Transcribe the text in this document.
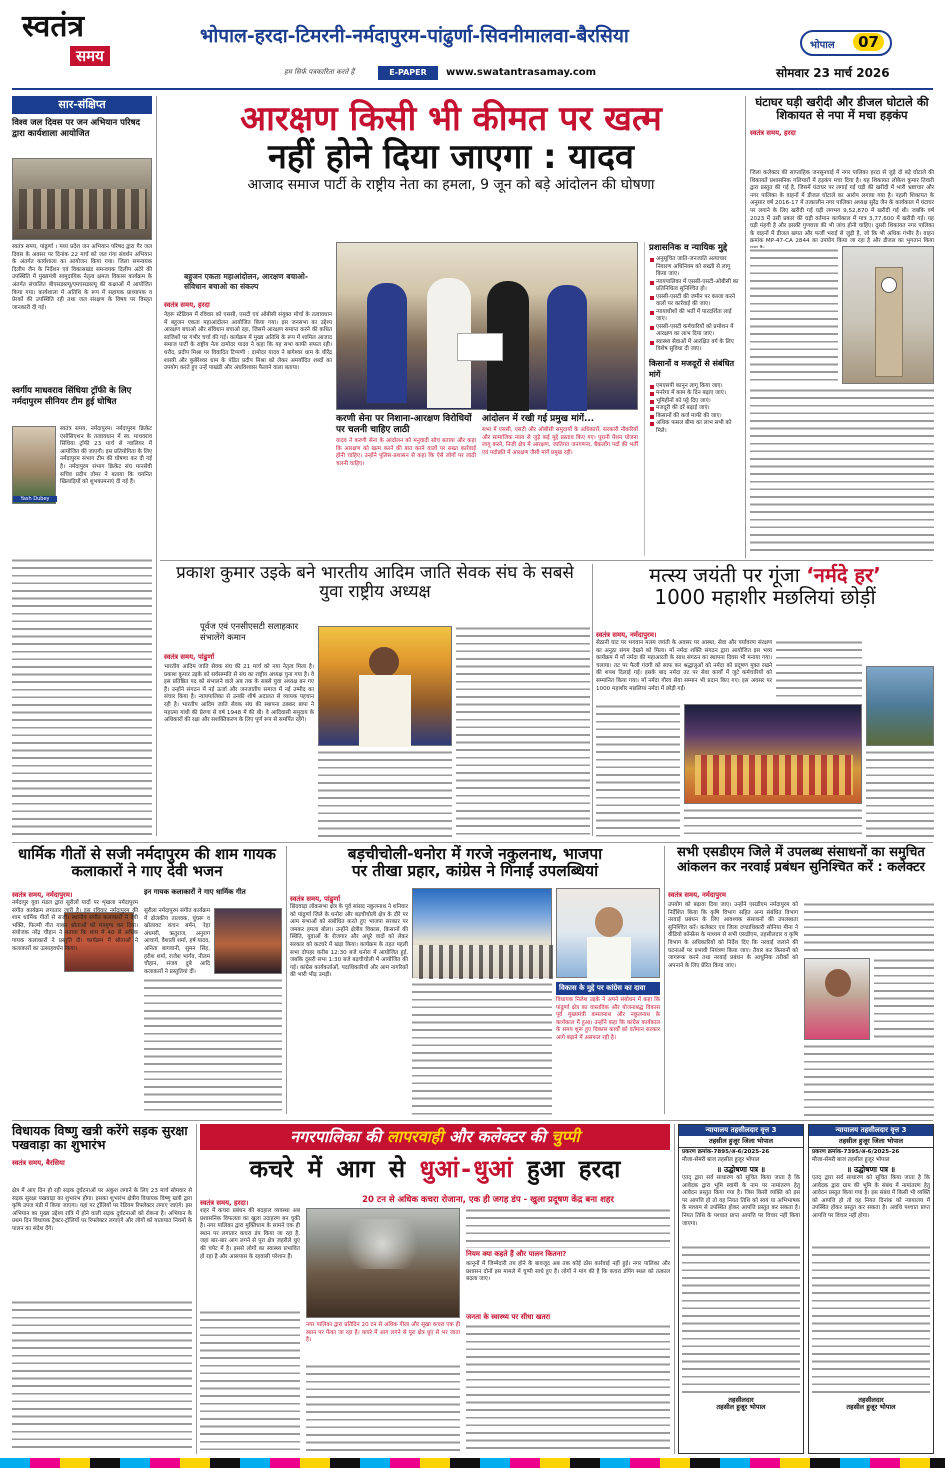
स्वतंत्र
समय
हम सिर्फ पत्रकारिता करते हैं
भोपाल-हरदा-टिमरनी-नर्मदापुरम-पांढुर्णा-सिवनीमालवा-बैरसिया	भोपाल	07
E-PAPER	www.swatantrasamay.com	सोमवार 23 मार्च 2026
सार-संक्षिप्त
विश्व जल दिवस पर जन अभियान परिषद द्वारा कार्यशाला आयोजित
स्वतंत्र समय, पांढुर्णा । मध्य प्रदेश जन अभियान परिषद द्वारा गैर जल दिवस के अवसर पर दिनांक 22 मार्च को जल गंगा संवर्धन अभियान के अंतर्गत कार्यशाला का आयोजन किया गया। जिला समन्वयक दिलीप जैन के निर्देशन एवं विकासखंड समन्वयक दिलीप अटेरे की उपस्थिति में मुख्यमंत्री सामुदायिक नेतृत्व क्षमता विकास कार्यक्रम के अंतर्गत संचालित बीएसडब्ल्यू/एमएसडब्ल्यू की कक्षाओं में आयोजित किया गया। कार्यशाला में अतिथि के रूप में सहायक प्राध्यापक व प्रेरकों की उपस्थिति रही तथा जल संरक्षण के विषय पर विस्तृत जानकारी दी गई।
स्वर्गीय माधवराव सिंधिया ट्रॉफी के लिए नर्मदापुरम सीनियर टीम हुई घोषित
Yash Dubey
स्वतंत्र समय, नर्मदापुरम। नर्मदापुरम क्रिकेट एसोसिएशन के तत्वावधान में स्व. माधवराव सिंधिया ट्रॉफी 23 मार्च से ग्वालियर में आयोजित की जाएगी। इस प्रतियोगिता के लिए नर्मदापुरम संभाग टीम की घोषणा कर दी गई है। नर्मदापुरम संभाग क्रिकेट संघ मानसेवी सचिव प्रदीप तोमर ने बताया कि चयनित खिलाड़ियों को शुभकामनाएं दी गई हैं।
आरक्षण किसी भी कीमत पर खत्म
नहीं होने दिया जाएगा : यादव
आजाद समाज पार्टी के राष्ट्रीय नेता का हमला, 9 जून को बड़े आंदोलन की घोषणा
बहुजन एकता महाआंदोलन, आरक्षण बचाओ-संविधान बचाओ का संकल्प
स्वतंत्र समय, हरदा
नेहरू स्टेडियम में रविवार को एससी, एसटी एवं ओबीसी संयुक्त मोर्चा के तत्वावधान में बहुजन एकता महाआंदोलन आयोजित किया गया। इस जनसभा का उद्देश्य आरक्षण बचाओ और संविधान बचाओ रहा, जिसमें आरक्षण समाप्त करने की कथित साजिशों पर गंभीर चर्चा की गई। कार्यक्रम में मुख्य अतिथि के रूप में शामिल आजाद समाज पार्टी के राष्ट्रीय नेता दामोदर यादव ने कहा कि यह सभा काफी सफल रही। धरौद, प्रदीप मिश्रा पर विवादित टिप्पणी : दामोदर यादव ने बागेश्वर धाम के धीरेंद्र शास्त्री और कुबेरेश्वर धाम के पंडित प्रदीप मिश्रा को लेकर अमर्यादित शब्दों का उपयोग करते हुए उन्हें पाखंडी और अंधविश्वास फैलाने वाला बताया।
करणी सेना पर निशाना-आरक्षण विरोधियों पर चलनी चाहिए लाठी
यादव ने करणी सेना के आंदोलन को मनुवादी सोच बताया और कहा कि आरक्षण को खत्म करने की बात करने वालों पर सख्त कार्रवाई होनी चाहिए। उन्होंने पुलिस-प्रशासन से कहा कि ऐसे लोगों पर लाठी चलनी चाहिए।
आंदोलन में रखी गई प्रमुख मांगें...
सभा में एससी, एसटी और ओबीसी समुदायों के अधिकारों, सरकारी नौकरियों और सामाजिक न्याय से जुड़े कई मुद्दे प्रस्ताव किए गए। पुरानी पेंशन योजना लागू करने, निजी क्षेत्र में आरक्षण, जातिगत जनगणना, बैकलॉग पदों की भर्ती एवं पदोन्नति में आरक्षण जैसी मांगें प्रमुख रहीं।
प्रशासनिक व न्यायिक मुद्दे
अनुसूचित जाति-जनजाति अत्याचार निवारण अधिनियम को सख्ती से लागू किया जाए।
न्यायपालिका में एससी-एसटी-ओबीसी का प्रतिनिधित्व सुनिश्चित हो।
एससी-एसटी की जमीन पर कब्जा करने वालों पर कार्रवाई की जाए।
न्यायाधीशों की भर्ती में पारदर्शिता लाई जाए।
एससी-एसटी कर्मचारियों को प्रमोशन में आरक्षण का लाभ दिया जाए।
स्वास्थ्य सेवाओं में आरक्षित वर्ग के लिए विशेष सुविधा दी जाए।
किसानों व मजदूरों से संबंधित मांगें
एमएसपी कानून लागू किया जाए।
मनरेगा में काम के दिन बढ़ाए जाएं।
भूमिहीनों को पट्टे दिए जाएं।
मजदूरी की दरें बढ़ाई जाएं।
किसानों की कर्ज माफी की जाए।
अधिक फसल बीमा का लाभ सभी को मिले।
घंटाघर घड़ी खरीदी और डीजल घोटाले की शिकायत से नपा में मचा हड़कंप
स्वतंत्र समय, हरदा
जिला कलेक्टर की साप्ताहिक जनसुनवाई में नगर पालिका हरदा से जुड़े दो बड़े घोटाले की शिकायतें प्रशासनिक गलियारों में हड़कंप मचा दिया है। यह शिकायत लोकेश कुमार तिवारी द्वारा प्रस्तुत की गई है, जिसमें घंटाघर पर लगाई गई घड़ी की खरीदी में भारी भ्रष्टाचार और नगर पालिका के वाहनों में डीजल घोटाले का आरोप लगाया गया है। पहली शिकायत के अनुसार वर्ष 2016-17 में तत्कालीन नगर पालिका अध्यक्ष सुरेंद्र जैन के कार्यकाल में घंटाघर पर लगाने के लिए खरीदी गई घड़ी लगभग 9,52,870 में खरीदी गई थी। जबकि वर्ष 2023 में उसी प्रकार की घड़ी वर्तमान कार्यकाल में मात्र 3,77,600 में खरीदी गई। यह घड़ी मंहगी है और इसकी गुणवत्ता की भी जांच होनी चाहिए। दूसरी शिकायत नगर पालिका के वाहनों में डीजल खपत और फर्जी भराई से जुड़ी है, जो कि भी अधिक गंभीर है। वाहन क्रमांक MP-47-CA 2844 का उपयोग किया जा रहा है और डीजल का भुगतान किया
प्रकाश कुमार उइके बने भारतीय आदिम जाति सेवक संघ के सबसे युवा राष्ट्रीय अध्यक्ष
पूर्वज एवं एनसीएसटी सलाहकार संभालेंगे कमान
स्वतंत्र समय, पांढुर्णा
भारतीय आदिम जाति सेवक संघ की 21 मार्च को नया नेतृत्व मिला है। प्रकाश कुमार उइके को सर्वसम्मति से संघ का राष्ट्रीय अध्यक्ष चुना गया है। वे इस प्रतिष्ठित पद को संभालने वाले अब तक के सबसे युवा अध्यक्ष बन गए हैं। उन्होंने संगठन में नई ऊर्जा और जनजातीय समाज में नई उम्मीद का संचार किया है। न्यायपालिका से उनकी शीर्ष अदालत से व्यापक पहचान रही है। भारतीय आदिम जाति सेवक संघ की स्थापना ठक्कर बापा ने महात्मा गांधी की प्रेरणा से वर्ष 1948 में की थी। वे आदिवासी समुदाय के अधिकारों की रक्षा और सशक्तिकरण के लिए पूर्ण रूप से समर्पित रहेंगे।
मत्स्य जयंती पर गूंजा ‘नर्मदे हर’
1000 महाशीर मछलियां छोड़ीं
स्वतंत्र समय, नर्मदापुरम।
सेठानी घाट पर भगवान मत्स्य जयंती के अवसर पर आस्था, सेवा और पर्यावरण संरक्षण का अनूठा संगम देखने को मिला। माँ नर्मदा शक्ति संगठन द्वारा आयोजित इस भव्य कार्यक्रम में माँ नर्मदा की महाआरती के साथ संगठन का स्थापना दिवस भी मनाया गया। चलाया। तट पर फैली गंदगी को साफ कर श्रद्धालुओं को नर्मदा को प्रदूषण मुक्त रखने की शपथ दिलाई गई। इसके बाद नर्मदा तट पर सेवा कार्यों में जुटे कर्मचारियों को सम्मानित किया गया। माँ नर्मदा गौरव सेवा सम्मान भी प्रदान किए गए। इस अवसर पर 1000 महाशीर मछलियां नर्मदा में छोड़ी गईं।
धार्मिक गीतों से सजी नर्मदापुरम की शाम गायक कलाकारों ने गाए देवी भजन
स्वतंत्र समय, नर्मदापुरम।
नर्मदापुर युवा मंडल द्वारा सुरीलों यादों पर शृंखला नर्मदापुरम संगीत कार्यक्रम लगातार जारी है। इस रविवार नर्मदापुरम की शाम धार्मिक गीतों से सजी। स्थानीय संगीत कलाकारों ने देवी भक्ति, फिल्मी गीत गाकर श्रोताओं को मंत्रमुग्ध कर दिया। संयोजक नरेंद्र चौहान ने बताया कि शाम में 40 से अधिक गायक कलाकारों ने प्रस्तुति दी। कार्यक्रम में श्रोताओं ने कलाकारों का उत्साहवर्धन किया।
इन गायक कलाकारों ने गाए धार्मिक गीत
सुरीला नर्मदापुरम संगीत कार्यक्रम में ढोलकीय तालवक, घुंघरू व खोलावट कंचन बर्मन, रेहा अंधमरी, ऋतुराज, अनुराग आचार्य, वैशाली शर्मा, हर्ष यादव, अनिता बागवानी, सुमन सिंह, हरीश शर्मा, राजेश भार्गव, नीलम चौहान, संजय दुबे आदि कलाकारों ने प्रस्तुतियां दीं।
बड़चीचोली-धनोरा में गरजे नकुलनाथ, भाजपा
पर तीखा प्रहार, कांग्रेस ने गिनाईं उपलब्धियां
स्वतंत्र समय, पांढुर्णा
छिंदवाड़ा लोकसभा क्षेत्र के पूर्व सांसद नकुलनाथ ने शनिवार को पांढुर्णा जिले के धनोरा और बड़चीचोली क्षेत्र के दौरे पर आम सभाओं को संबोधित करते हुए भाजपा सरकार पर जमकर हमला बोला। उन्होंने क्षेत्रीय विकास, किसानों की स्थिति, युवाओं के रोजगार और अधूरे वादों को लेकर सरकार को कटघरे में खड़ा किया। कार्यक्रम के तहत पहली सभा दोपहर करीब 12:30 बजे धनोरा में आयोजित हुई, जबकि दूसरी सभा 1:30 बजे बड़चीचोली में आयोजित की गई। कांग्रेस कार्यकर्ताओं, पदाधिकारियों और आम नागरिकों की भारी भीड़ उमड़ी।
विकास के मुद्दे पर कांग्रेस का दावा
विधायक निलेश उइके ने अपने संबोधन में कहा कि पांढुर्णा क्षेत्र का वास्तविक और योजनाबद्ध विकास पूर्व मुख्यमंत्री कमलनाथ और नकुलनाथ के कार्यकाल में हुआ। उन्होंने कहा कि कांग्रेस कार्यकाल के समय शुरू हुए विकास कार्यों को वर्तमान सरकार आगे बढ़ाने में असफल रही है।
सभी एसडीएम जिले में उपलब्ध संसाधनों का समुचित आंकलन कर नरवाई प्रबंधन सुनिश्चित करें : कलेक्टर
स्वतंत्र समय, नर्मदापुरम
उपयोग को बढ़ावा दिया जाए। उन्होंने एसडीएम नर्मदापुरम को निर्देशित किया कि कृषि विभाग सहित अन्य संबंधित विभाग नरवाई प्रबंधन के लिए आवश्यक संसाधनों की उपलब्धता सुनिश्चित करें। कलेक्टर एवं जिला दण्डाधिकारी सोनिया मीना ने वीडियो कॉन्फ्रेंस के माध्यम से सभी एसडीएम, तहसीलदार व कृषि विभाग के अधिकारियों को निर्देश दिए कि नरवाई जलाने की घटनाओं पर प्रभावी नियंत्रण किया जाए। तैयार कर किसानों को जागरूक करने तथा नरवाई प्रबंधन के आधुनिक तरीकों को अपनाने के लिए प्रेरित किया जाए।
विधायक विष्णु खत्री करेंगे सड़क सुरक्षा पखवाड़ा का शुभारंभ
स्वतंत्र समय, बैरसिया
क्षेत्र में आए दिन हो रही सड़क दुर्घटनाओं पर अंकुश लगाने के लिए 23 मार्च सोमवार से सड़क सुरक्षा पखवाड़ा का शुभारंभ होगा। इसका शुभारंभ क्षेत्रीय विधायक विष्णु खत्री द्वारा कृषि उपज मंडी में किया जाएगा। यहां पर ट्रॉलियों पर रेडियम रिफ्लेक्टर लगाए जाएंगे। इस अभियान का मुख्य उद्देश्य रात्रि में होने वाली सड़क दुर्घटनाओं को रोकना है। अभियान के प्रथम दिन विधायक ट्रैक्टर-ट्रॉलियों पर रिफ्लेक्टर लगाएंगे और लोगों को यातायात नियमों के पालन का संदेश देंगे।
नगरपालिका की लापरवाही और कलेक्टर की चुप्पी
कचरे में आग से धुआं-धुआं हुआ हरदा
स्वतंत्र समय, हरदा।
शहर में कचरा प्रबंधन की बदहाल व्यवस्था अब प्रशासनिक विफलता का खुला उदाहरण बन चुकी है। नगर पालिका द्वारा मुक्तिधाम के सामने एक ही स्थान पर लगातार कचरा डंप किया जा रहा है, जहां बार-बार आग लगने से पूरा क्षेत्र जहरीले धुएं की चपेट में है। इससे लोगों का स्वास्थ्य प्रभावित हो रहा है और आसपास के रहवासी परेशान हैं।
20 टन से अधिक कचरा रोजाना, एक ही जगह डंप - खुला प्रदूषण केंद्र बना शहर
नगर पालिका द्वारा प्रतिदिन 20 टन से अधिक गीला और सूखा कचरा एक ही स्थान पर फेंका जा रहा है। कचरे में आग लगने से पूरा क्षेत्र धुएं से भर जाता है।
नियम क्या कहते हैं और पालन कितना?
कानूनों में जिम्मेदारी तय होने के बावजूद अब तक कोई ठोस कार्रवाई नहीं हुई। नगर पालिका और प्रशासन दोनों इस मामले में चुप्पी साधे हुए हैं। लोगों ने मांग की है कि कचरा डंपिंग स्थल को तत्काल बदला जाए।
जनता के स्वास्थ्य पर सीधा खतरा
न्यायालय तहसीलदार वृत्त 3
तहसील हुजूर जिला भोपाल
प्रकरण क्रमांक-7895/अ-6/2025-26
मौजा-सेमरी बाज तहसील हुजूर भोपाल
॥ उद्घोषणा पत्र ॥
एतद् द्वारा सर्व साधारण को सूचित किया जाता है कि आवेदक द्वारा भूमि स्वामी के नाम पर नामांतरण हेतु आवेदन प्रस्तुत किया गया है। जिस किसी व्यक्ति को इस पर आपत्ति हो तो वह नियत तिथि को स्वयं या अभिभाषक के माध्यम से उपस्थित होकर आपत्ति प्रस्तुत कर सकता है। नियत तिथि के पश्चात प्राप्त आपत्ति पर विचार नहीं किया जाएगा।
तहसीलदार
तहसील हुजूर भोपाल
न्यायालय तहसीलदार वृत्त 3
तहसील हुजूर जिला भोपाल
प्रकरण क्रमांक-7395/अ-6/2025-26
मौजा-सेमरी बाज तहसील हुजूर भोपाल
॥ उद्घोषणा पत्र ॥
एतद् द्वारा सर्व साधारण को सूचित किया जाता है कि आवेदक द्वारा ग्राम की भूमि के संबंध में नामांतरण हेतु आवेदन प्रस्तुत किया गया है। इस संबंध में किसी भी व्यक्ति को आपत्ति हो तो वह नियत दिनांक को न्यायालय में उपस्थित होकर प्रस्तुत कर सकता है। अवधि पश्चात प्राप्त आपत्ति पर विचार नहीं होगा।
तहसीलदार
तहसील हुजूर भोपाल
